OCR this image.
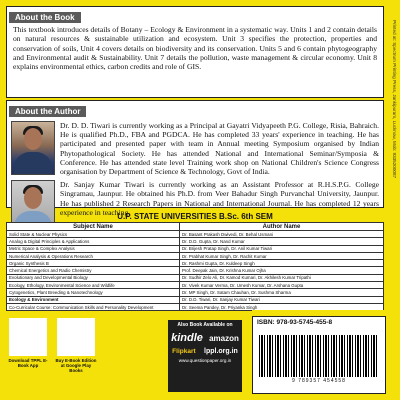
About the Book
This textbook introduces details of Botany – Ecology & Environment in a systematic way. Units 1 and 2 contain details on natural resources & sustainable utilization and ecosystem. Unit 3 specifies the protection, properties and conservation of soils, Unit 4 covers details on biodiversity and its conservation. Units 5 and 6 contain phytogeography and Environmental audit & Sustainability. Unit 7 details the pollution, waste management & circular economy. Unit 8 explains environmental ethics, carbon credits and role of GIS.
About the Author
Dr. D. D. Tiwari is currently working as a Principal at Gayatri Vidyapeeth P.G. College, Risia, Bahraich. He is qualified Ph.D., FBA and PGDCA. He has completed 33 years' experience in teaching. He has participated and presented paper with team in Annual meeting Symposium organised by Indian Phytopathological Society. He has attended National and International Seminar/Symposia & Conference. He has attended state level Training work shop on National Children's Science Congress organisation by Department of Science & Technology, Govt of India.
Dr. Sanjay Kumar Tiwari is currently working as an Assistant Professor at R.H.S.P.G. College Singramau, Jaunpur. He obtained his Ph.D. from Veer Bahadur Singh Purvanchal University, Jaunpur. He has published 2 Research Papers in National and International Journal. He has completed 12 years experience in teaching.
Printed at: Spectrum Printing Press, Jankipuram, Lucknow, Mob: 9335200087
U.P. STATE UNIVERSITIES B.Sc. 6th SEM
Subject Name	Author Name
Solid State & Nuclear Physics	Dr. Basant Prakash Dwivedi, Dr. Behal Usmani
Analog & Digital Principles & Applications	Dr. D.D. Gupta, Dr. Nand Kumar
Metric Space & Complex Analysis	Dr. Brijesh Pratap Singh, Dr. Anil Kumar Tiwari
Numerical Analysis & Operations Research	Dr. Prabhat Kumar Singh, Dr. Rachit Kumar
Organic Synthesis B	Dr. Rashmi Gupta, Dr. Kuldeep Singh
Chemical Energetics and Radio Chemistry	Prof. Deepak Jain, Dr. Krishna Kumar Ojha
Evolutionary and Developmental Biology	Dr. Sudhir Zelo Ali, Dr. Kamod Kumari, Dr. Akhilesh Kumar Tripathi
Ecology, Ethology, Environmental Science and Wildlife	Dr. Vivek Kumar Verma, Dr. Umesh Kumar, Dr. Arshana Gupta
Cytogenetics, Plant Breeding & Nanotechnology	Dr. MP Singh, Dr. Satam Chauhan, Dr. Sushma Sharma
Ecology & Environment	Dr. D.D. Tiwari, Dr. Sanjay Kumar Tiwari
Co-Curricular Course: Communication Skills and Personality Development	Dr. Seema Pandey, Dr. Priyanka Singh
Download TPPL E-Book App
Buy E-Book Edition at Google Play Books
Also Book Available on
kindle amazon
Flipkart lppl.org.in
www.questionpaper.org.in
ISBN: 978-93-5745-455-8
9 789357 454558
